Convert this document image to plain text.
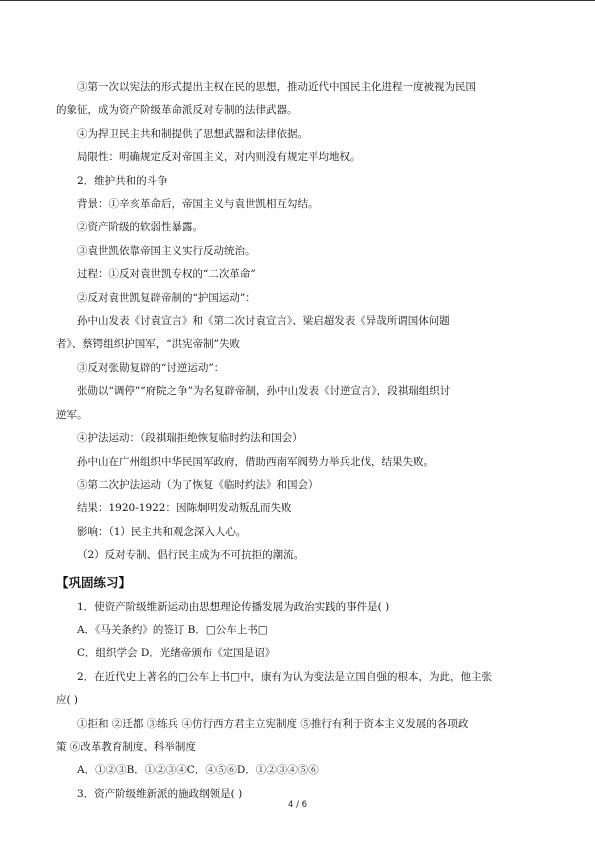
③第一次以宪法的形式提出主权在民的思想，推动近代中国民主化进程一度被视为民国

的象征，成为资产阶级革命派反对专制的法律武器。

④为捍卫民主共和制提供了思想武器和法律依据。

局限性：明确规定反对帝国主义，对内则没有规定平均地权。

2．维护共和的斗争

背景：①辛亥革命后，帝国主义与袁世凯相互勾结。

②资产阶级的软弱性暴露。

③袁世凯依靠帝国主义实行反动统治。

过程：①反对袁世凯专权的“二次革命”

②反对袁世凯复辟帝制的“护国运动”：

孙中山发表《讨袁宣言》和《第二次讨袁宣言》、梁启超发表《异哉所谓国体问题

者》、蔡锷组织护国军，“洪宪帝制”失败

③反对张勋复辟的“讨逆运动”：

张勋以“调停”“府院之争”为名复辟帝制，孙中山发表《讨逆宣言》，段祺瑞组织讨

逆军。

④护法运动：（段祺瑞拒绝恢复临时约法和国会）

孙中山在广州组织中华民国军政府，借助西南军阀势力举兵北伐，结果失败。

⑤第二次护法运动（为了恢复《临时约法》和国会）

结果：1920-1922：因陈炯明发动叛乱而失败

影响：（1）民主共和观念深入人心。

（2）反对专制、倡行民主成为不可抗拒的潮流。

【巩固练习】

1．使资产阶级维新运动由思想理论传播发展为政治实践的事件是( )

A．《马关条约》的签订 B．□公车上书□

C．组织学会 D．光绪帝颁布《定国是诏》

2．在近代史上著名的□公车上书□中，康有为认为变法是立国自强的根本，为此，他主张

应( )

①拒和 ②迁都 ③练兵 ④仿行西方君主立宪制度 ⑤推行有利于资本主义发展的各项政

策 ⑥改革教育制度、科举制度

A．①②③B．①②③④C．④⑤⑥D．①②③④⑤⑥

3．资产阶级维新派的施政纲领是( )

4 / 6
